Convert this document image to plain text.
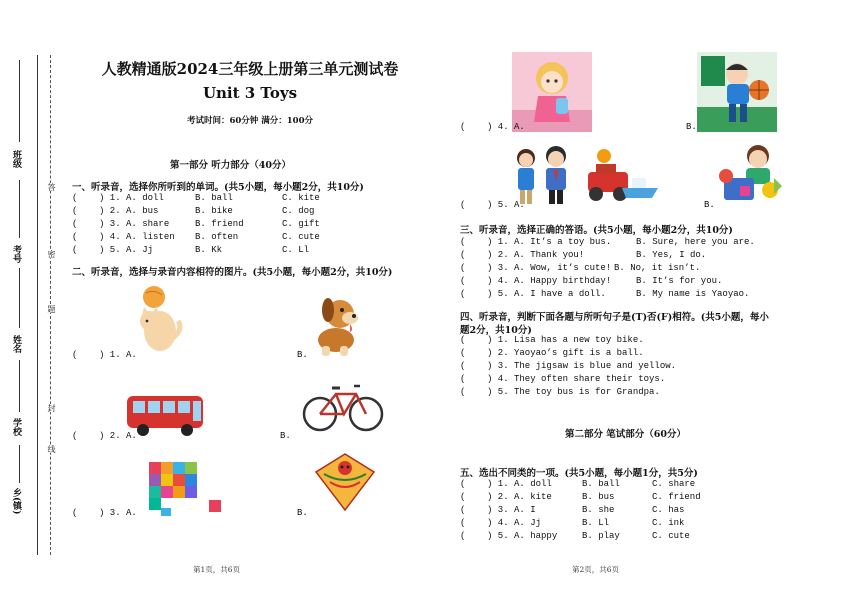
班级
考号
姓名
学校
乡(镇)
答
密
题
封
线
人教精通版2024三年级上册第三单元测试卷
Unit 3 Toys
考试时间：60分钟 满分：100分
第一部分 听力部分（40分）
一、听录音，选择你所听到的单词。(共5小题，每小题2分，共10分)
(    ) 1. A. doll	B. ball	C. kite
(    ) 2. A. bus	B. bike	C. dog
(    ) 3. A. share	B. friend	C. gift
(    ) 4. A. listen B. often	C. cute
(    ) 5. A. Jj	B. Kk	C. Ll
二、听录音，选择与录音内容相符的图片。(共5小题，每小题2分，共10分)
(    ) 1. A.	B.
(    ) 2. A.	B.
(    ) 3. A.	B.
(    ) 4. A.	B.
(    ) 5. A.	B.
三、听录音，选择正确的答语。(共5小题，每小题2分，共10分)
(    ) 1. A. It’s a toy bus.	B. Sure, here you are.
(    ) 2. A. Thank you!	B. Yes, I do.
(    ) 3. A. Wow, it’s cute! B. No, it isn’t.
(    ) 4. A. Happy birthday!	B. It’s for you.
(    ) 5. A. I have a doll.	B. My name is Yaoyao.
四、听录音，判断下面各题与所听句子是(T)否(F)相符。(共5小题，每小
题2分，共10分)
(    ) 1. Lisa has a new toy bike.
(    ) 2. Yaoyao’s gift is a ball.
(    ) 3. The jigsaw is blue and yellow.
(    ) 4. They often share their toys.
(    ) 5. The toy bus is for Grandpa.
第二部分 笔试部分（60分）
五、选出不同类的一项。(共5小题，每小题1分，共5分)
(    ) 1. A. doll	B. ball	C. share
(    ) 2. A. kite	B. bus	C. friend
(    ) 3. A. I	B. she	C. has
(    ) 4. A. Jj	B. Ll	C. ink
(    ) 5. A. happy	B. play	C. cute
第1页，共6页	第2页，共6页
